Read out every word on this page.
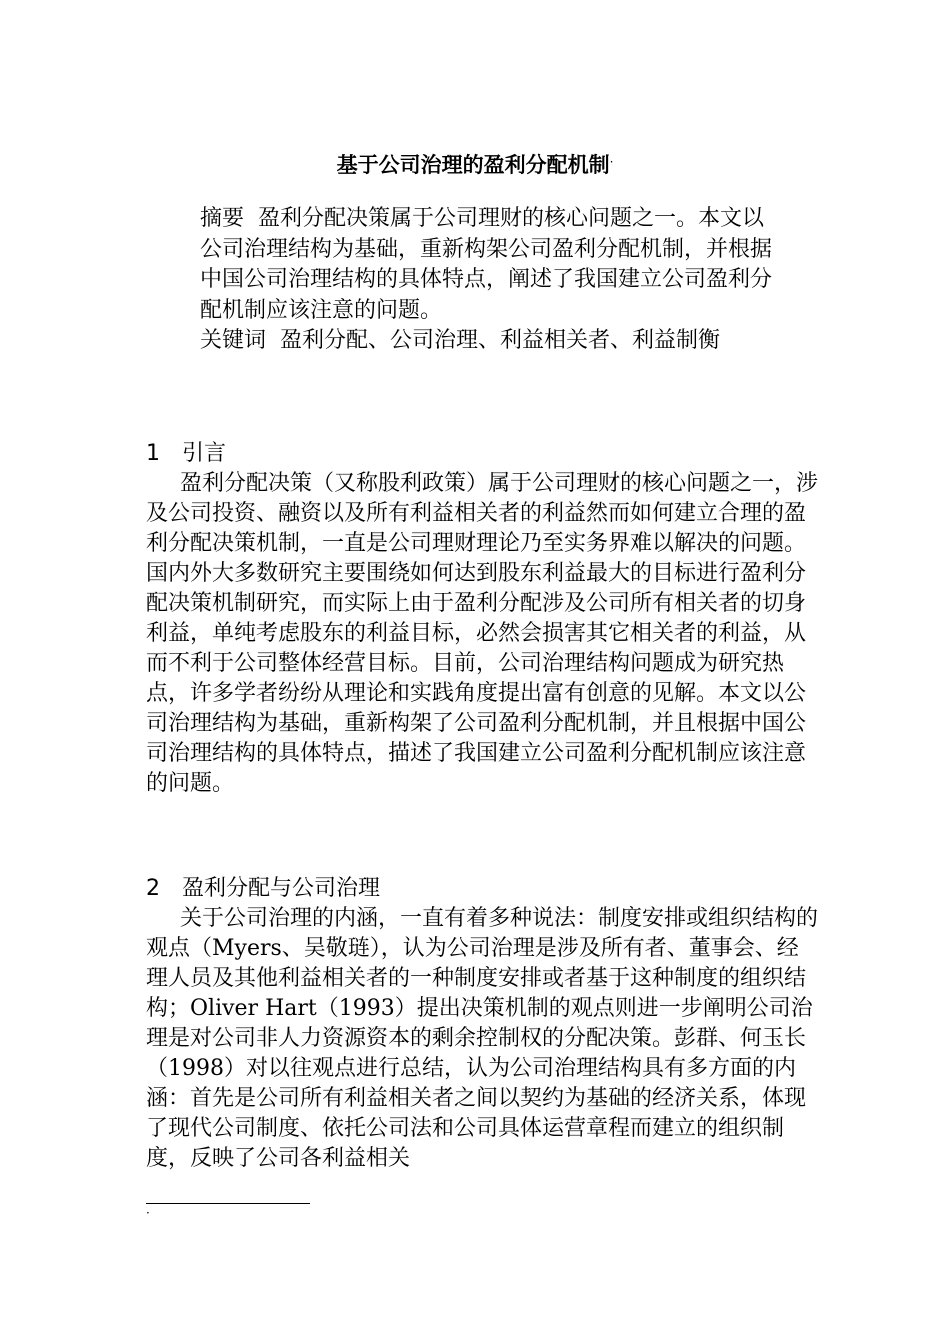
基于公司治理的盈利分配机制·

摘要 盈利分配决策属于公司理财的核心问题之一。本文以公司治理结构为基础，重新构架公司盈利分配机制，并根据中国公司治理结构的具体特点，阐述了我国建立公司盈利分配机制应该注意的问题。

关键词 盈利分配、公司治理、利益相关者、利益制衡

1 引言

盈利分配决策（又称股利政策）属于公司理财的核心问题之一，涉及公司投资、融资以及所有利益相关者的利益然而如何建立合理的盈利分配决策机制，一直是公司理财理论乃至实务界难以解决的问题。国内外大多数研究主要围绕如何达到股东利益最大的目标进行盈利分配决策机制研究，而实际上由于盈利分配涉及公司所有相关者的切身利益，单纯考虑股东的利益目标，必然会损害其它相关者的利益，从而不利于公司整体经营目标。目前，公司治理结构问题成为研究热点，许多学者纷纷从理论和实践角度提出富有创意的见解。本文以公司治理结构为基础，重新构架了公司盈利分配机制，并且根据中国公司治理结构的具体特点，描述了我国建立公司盈利分配机制应该注意的问题。

2 盈利分配与公司治理

关于公司治理的内涵，一直有着多种说法：制度安排或组织结构的观点（Myers、吴敬琏），认为公司治理是涉及所有者、董事会、经理人员及其他利益相关者的一种制度安排或者基于这种制度的组织结构；Oliver Hart（1993）提出决策机制的观点则进一步阐明公司治理是对公司非人力资源资本的剩余控制权的分配决策。彭群、何玉长（1998）对以往观点进行总结，认为公司治理结构具有多方面的内涵：首先是公司所有利益相关者之间以契约为基础的经济关系，体现了现代公司制度、依托公司法和公司具体运营章程而建立的组织制度，反映了公司各利益相关

·
